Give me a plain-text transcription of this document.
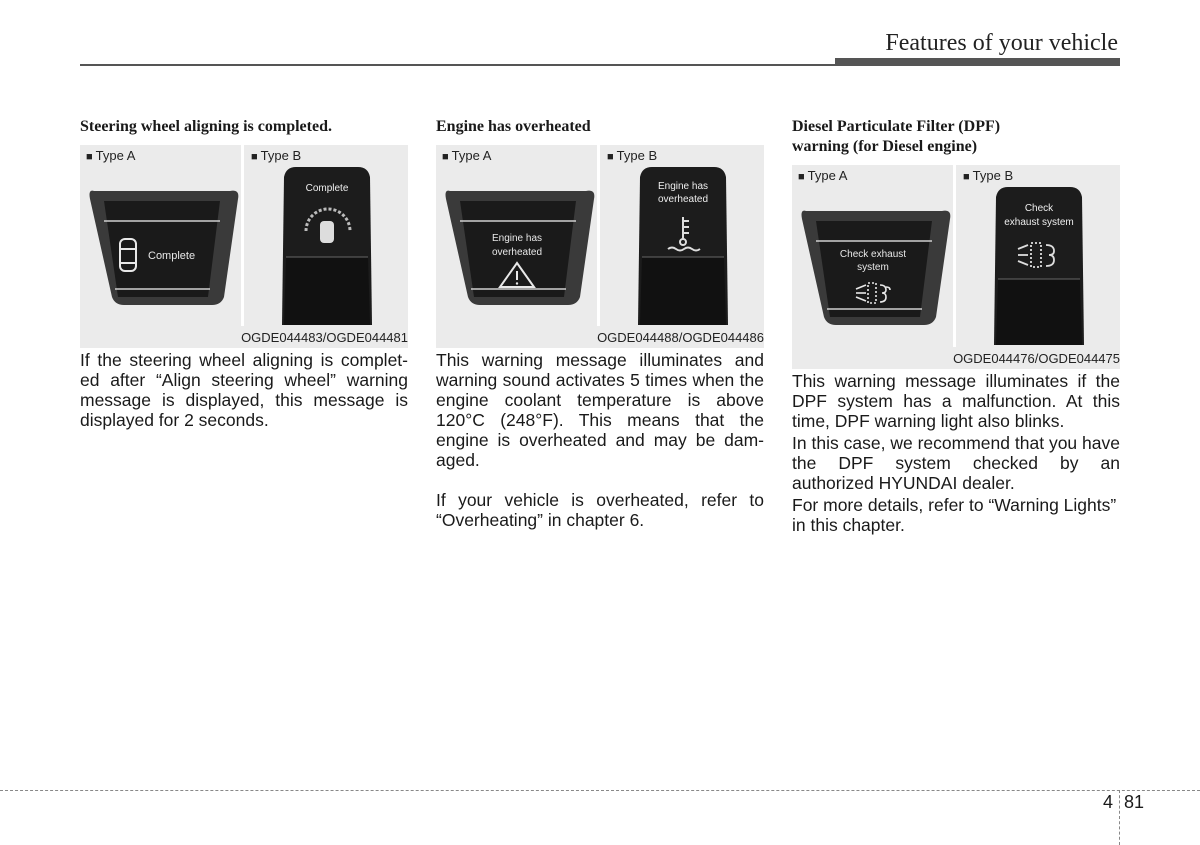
Features of your vehicle
Steering wheel aligning is completed.
■ Type A	■ Type B
Complete
Complete
OGDE044483/OGDE044481

If the steering wheel aligning is complet-ed after “Align steering wheel” warning message is displayed, this message is displayed for 2 seconds.

Engine has overheated
■ Type A	■ Type B
Engine has
overheated
Engine has
overheated
OGDE044488/OGDE044486

This warning message illuminates and warning sound activates 5 times when the engine coolant temperature is above 120°C (248°F). This means that the engine is overheated and may be dam-aged.

If your vehicle is overheated, refer to “Overheating” in chapter 6.

Diesel Particulate Filter (DPF)
warning (for Diesel engine)
■ Type A	■ Type B
Check exhaust
system
Check
exhaust system
OGDE044476/OGDE044475

This warning message illuminates if the DPF system has a malfunction. At this time, DPF warning light also blinks.

In this case, we recommend that you have the DPF system checked by an authorized HYUNDAI dealer.

For more details, refer to “Warning Lights” in this chapter.

4 81
